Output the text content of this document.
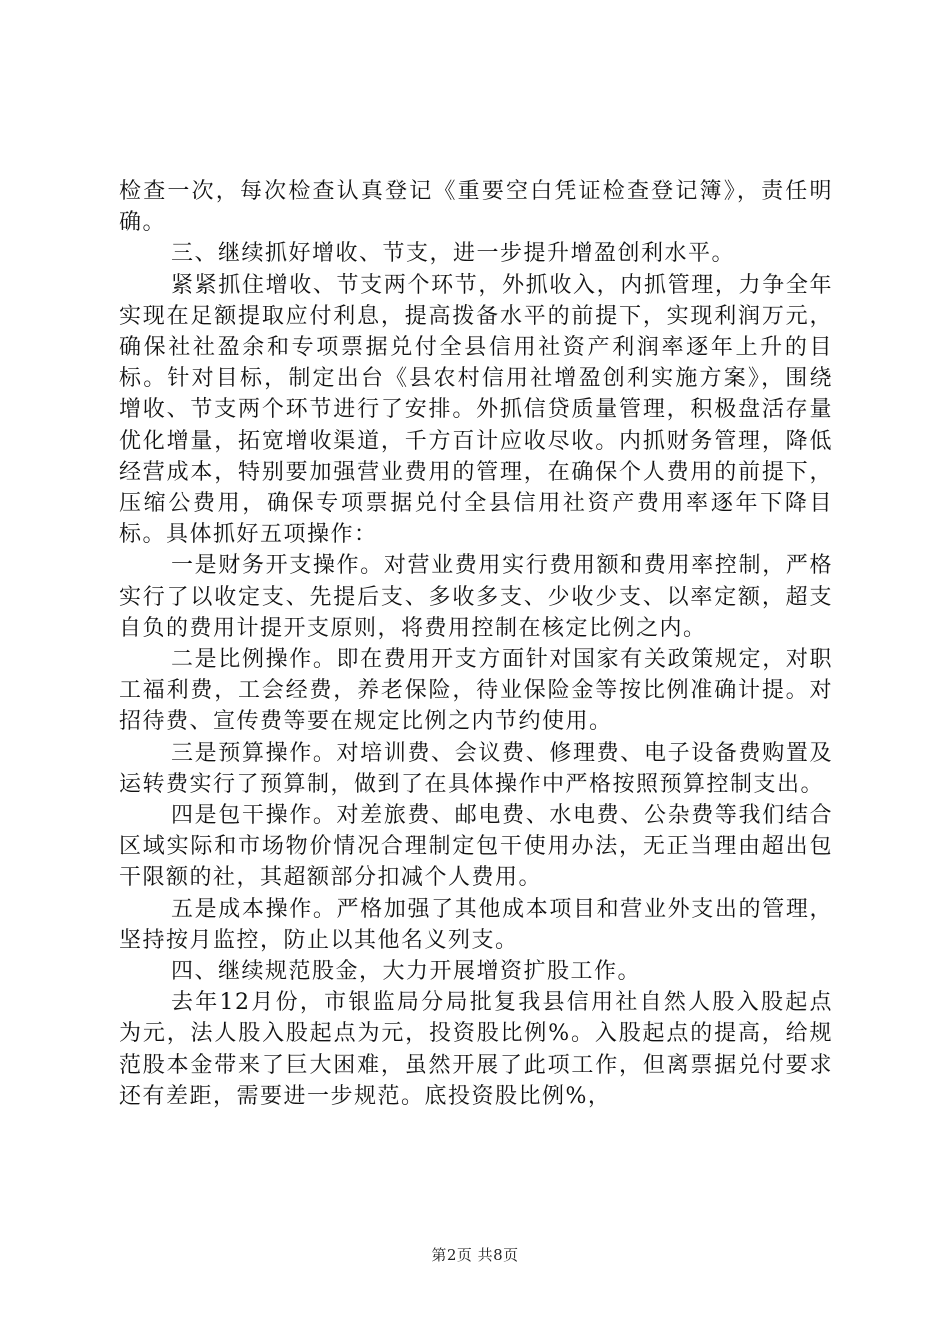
检查一次，每次检查认真登记《重要空白凭证检查登记簿》，责任明确。

三、继续抓好增收、节支，进一步提升增盈创利水平。

紧紧抓住增收、节支两个环节，外抓收入，内抓管理，力争全年实现在足额提取应付利息，提高拨备水平的前提下，实现利润万元，确保社社盈余和专项票据兑付全县信用社资产利润率逐年上升的目标。针对目标，制定出台《县农村信用社增盈创利实施方案》，围绕增收、节支两个环节进行了安排。外抓信贷质量管理，积极盘活存量优化增量，拓宽增收渠道，千方百计应收尽收。内抓财务管理，降低经营成本，特别要加强营业费用的管理，在确保个人费用的前提下，压缩公费用，确保专项票据兑付全县信用社资产费用率逐年下降目标。具体抓好五项操作：

一是财务开支操作。对营业费用实行费用额和费用率控制，严格实行了以收定支、先提后支、多收多支、少收少支、以率定额，超支自负的费用计提开支原则，将费用控制在核定比例之内。

二是比例操作。即在费用开支方面针对国家有关政策规定，对职工福利费，工会经费，养老保险，待业保险金等按比例准确计提。对招待费、宣传费等要在规定比例之内节约使用。

三是预算操作。对培训费、会议费、修理费、电子设备费购置及运转费实行了预算制，做到了在具体操作中严格按照预算控制支出。

四是包干操作。对差旅费、邮电费、水电费、公杂费等我们结合区域实际和市场物价情况合理制定包干使用办法，无正当理由超出包干限额的社，其超额部分扣减个人费用。

五是成本操作。严格加强了其他成本项目和营业外支出的管理，坚持按月监控，防止以其他名义列支。

四、继续规范股金，大力开展增资扩股工作。

去年12月份，市银监局分局批复我县信用社自然人股入股起点为元，法人股入股起点为元，投资股比例%。入股起点的提高，给规范股本金带来了巨大困难，虽然开展了此项工作，但离票据兑付要求还有差距，需要进一步规范。底投资股比例%，

第2页 共8页
